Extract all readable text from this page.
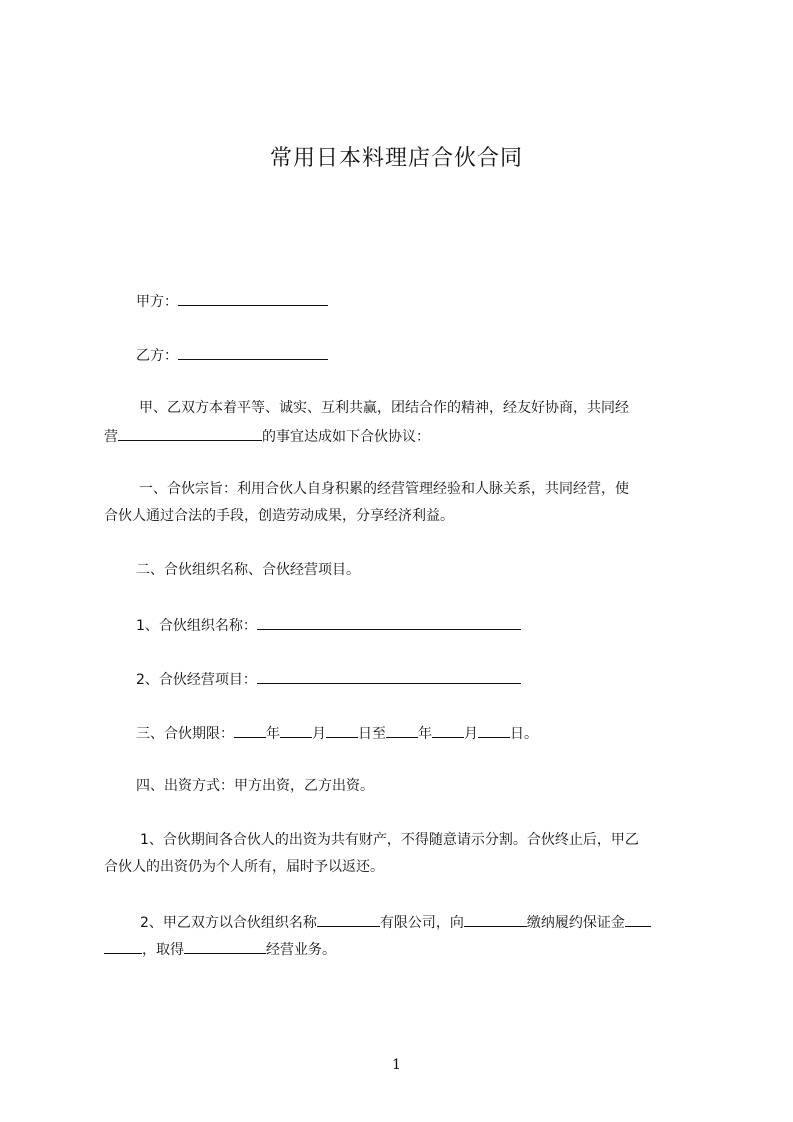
常用日本料理店合伙合同
甲方：
乙方：
甲、乙双方本着平等、诚实、互利共赢，团结合作的精神，经友好协商，共同经
营	的事宜达成如下合伙协议：
一、合伙宗旨：利用合伙人自身积累的经营管理经验和人脉关系，共同经营，使
合伙人通过合法的手段，创造劳动成果，分享经济利益。
二、合伙组织名称、合伙经营项目。
1、合伙组织名称：
2、合伙经营项目：
三、合伙期限： 年 月 日至 年 月 日。
四、出资方式：甲方出资，乙方出资。
1、合伙期间各合伙人的出资为共有财产，不得随意请示分割。合伙终止后，甲乙
合伙人的出资仍为个人所有，届时予以返还。
2、甲乙双方以合伙组织名称	有限公司，向	缴纳履约保证金
，取得	经营业务。
1
